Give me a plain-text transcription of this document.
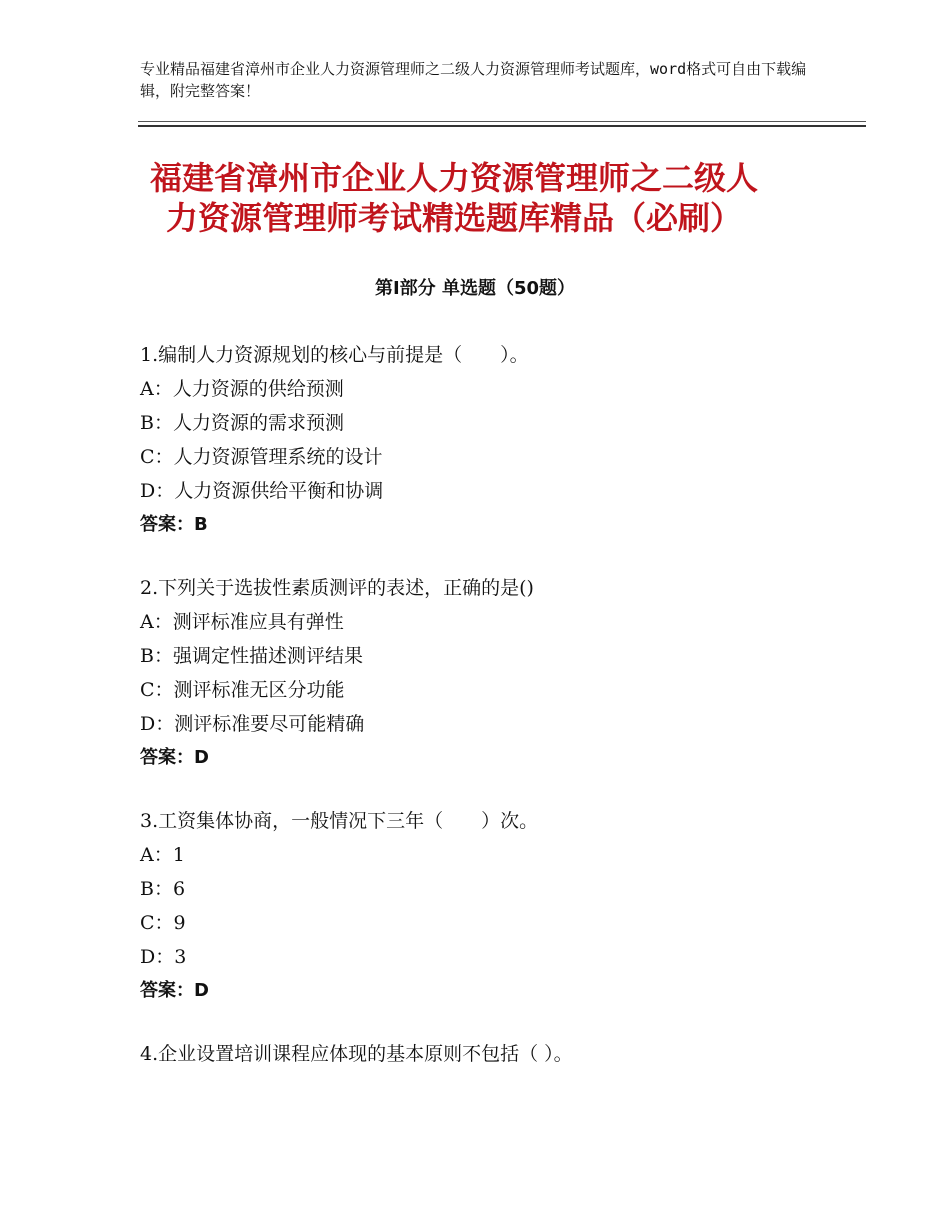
专业精品福建省漳州市企业人力资源管理师之二级人力资源管理师考试题库，word格式可自由下载编辑，附完整答案！
福建省漳州市企业人力资源管理师之二级人
力资源管理师考试精选题库精品（必刷）
第Ⅰ部分 单选题（50题）
1.编制人力资源规划的核心与前提是（　　）。
A：人力资源的供给预测
B：人力资源的需求预测
C：人力资源管理系统的设计
D：人力资源供给平衡和协调
答案：B
2.下列关于选拔性素质测评的表述，正确的是()
A：测评标准应具有弹性
B：强调定性描述测评结果
C：测评标准无区分功能
D：测评标准要尽可能精确
答案：D
3.工资集体协商，一般情况下三年（　　）次。
A：1
B：6
C：9
D：3
答案：D
4.企业设置培训课程应体现的基本原则不包括（ ）。
